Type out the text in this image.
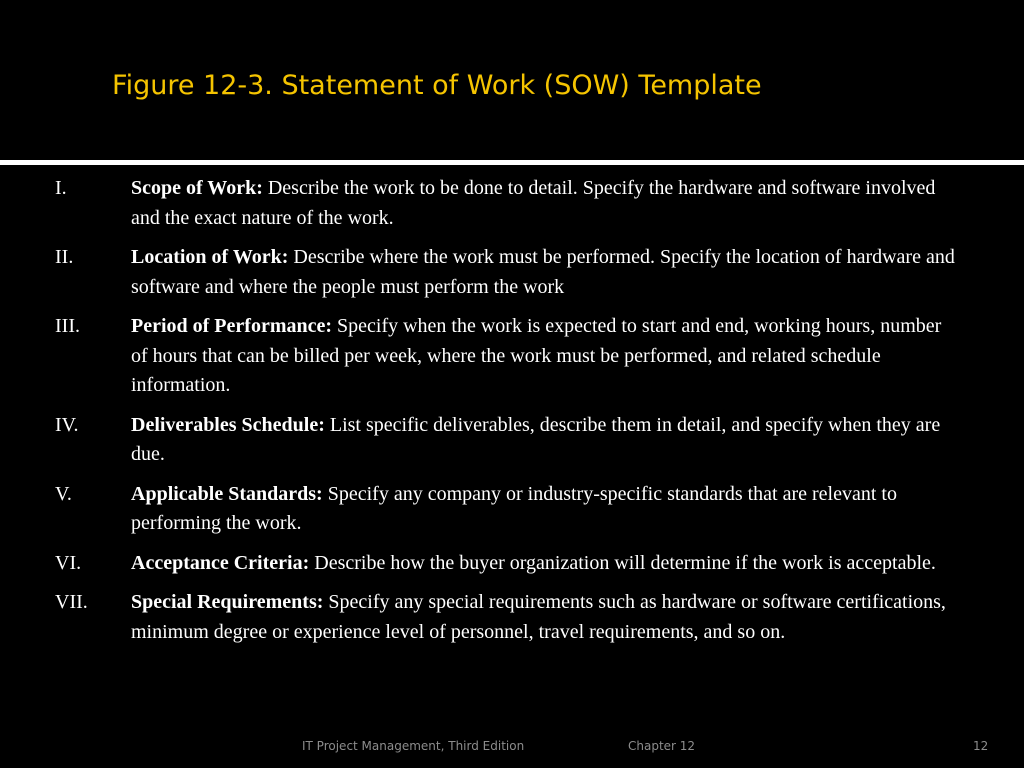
Figure 12-3. Statement of Work (SOW) Template
I.	Scope of Work: Describe the work to be done to detail. Specify the hardware and software involved and the exact nature of the work.
II.	Location of Work: Describe where the work must be performed. Specify the location of hardware and software and where the people must perform the work
III.	Period of Performance: Specify when the work is expected to start and end, working hours, number of hours that can be billed per week, where the work must be performed, and related schedule information.
IV.	Deliverables Schedule: List specific deliverables, describe them in detail, and specify when they are due.
V.	Applicable Standards: Specify any company or industry-specific standards that are relevant to performing the work.
VI.	Acceptance Criteria: Describe how the buyer organization will determine if the work is acceptable.
VII.	Special Requirements: Specify any special requirements such as hardware or software certifications, minimum degree or experience level of personnel, travel requirements, and so on.
IT Project Management, Third Edition	Chapter 12	12
